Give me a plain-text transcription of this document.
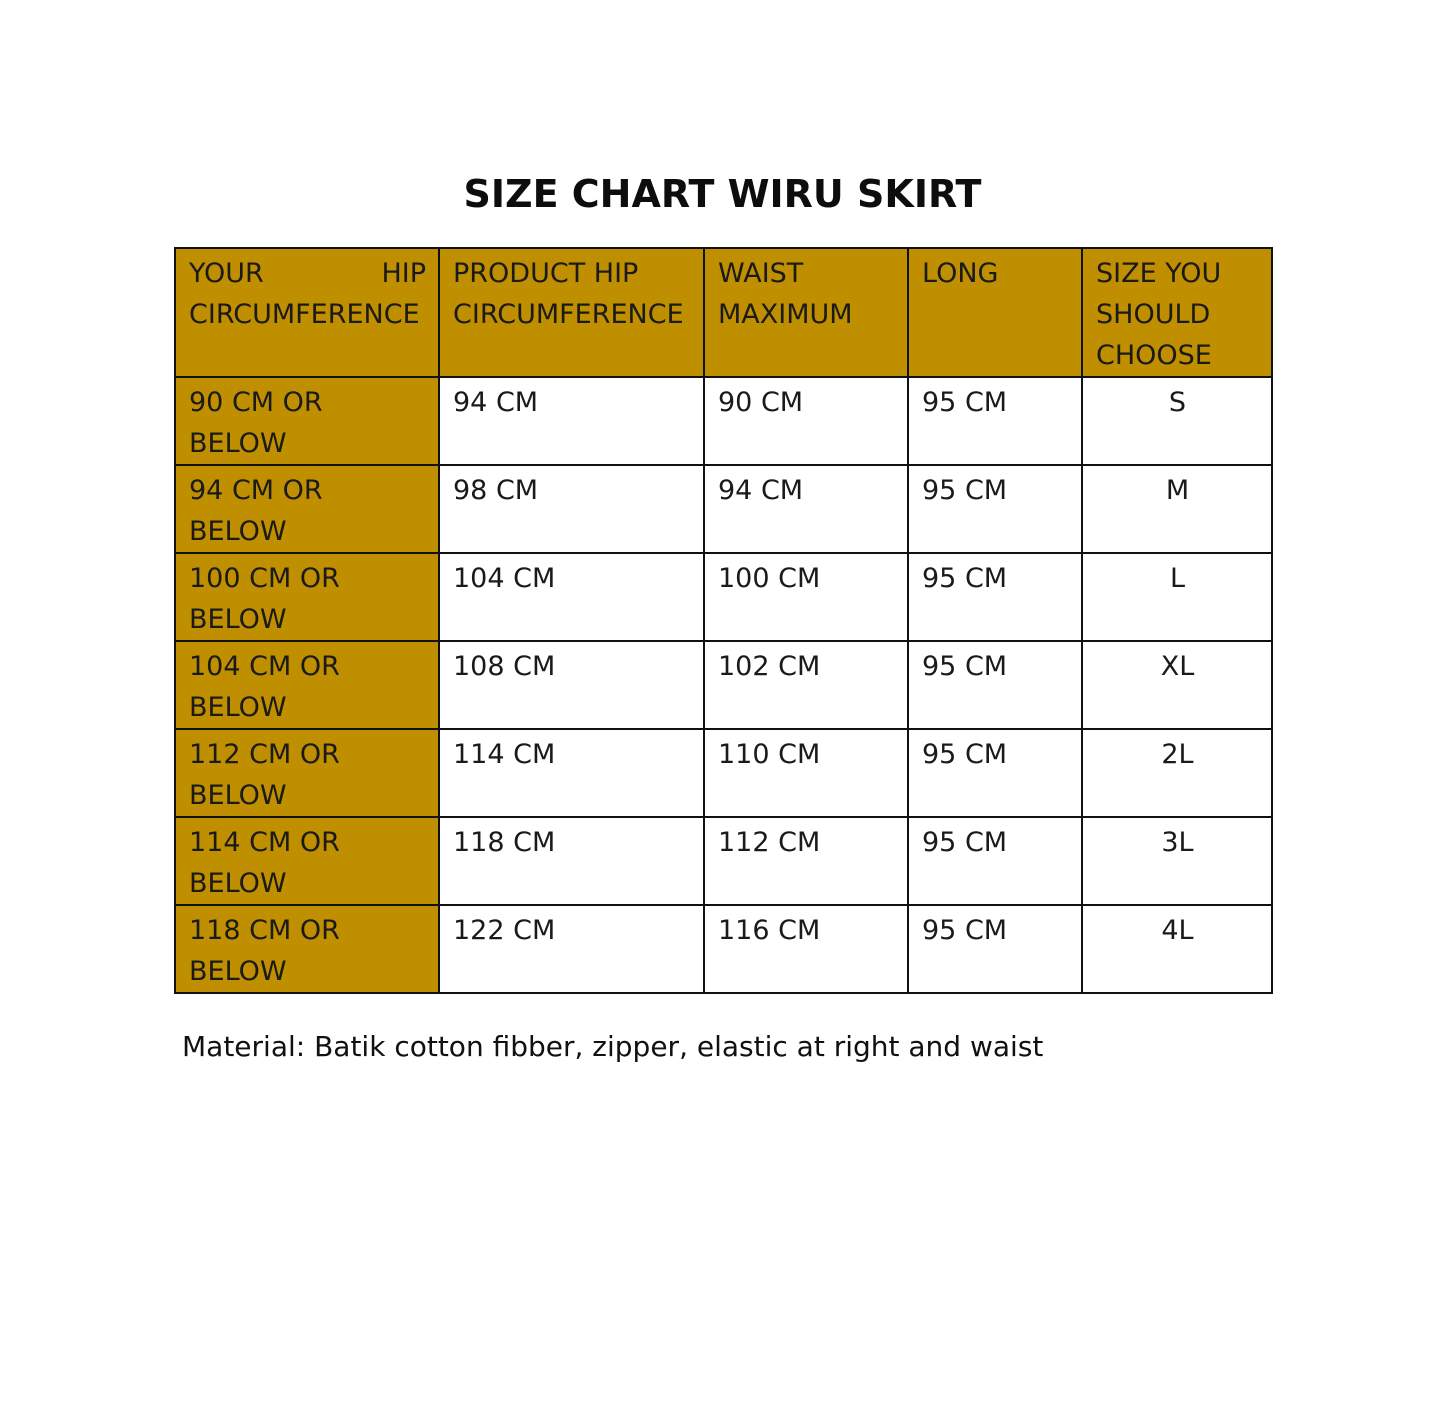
SIZE CHART WIRU SKIRT
YOUR HIP CIRCUMFERENCE	PRODUCT HIP CIRCUMFERENCE	WAIST MAXIMUM	LONG	SIZE YOU SHOULD CHOOSE
90 CM OR BELOW	94 CM	90 CM	95 CM	S
94 CM OR BELOW	98 CM	94 CM	95 CM	M
100 CM OR BELOW	104 CM	100 CM	95 CM	L
104 CM OR BELOW	108 CM	102 CM	95 CM	XL
112 CM OR BELOW	114 CM	110 CM	95 CM	2L
114 CM OR BELOW	118 CM	112 CM	95 CM	3L
118 CM OR BELOW	122 CM	116 CM	95 CM	4L
Material: Batik cotton fibber, zipper, elastic at right and waist
